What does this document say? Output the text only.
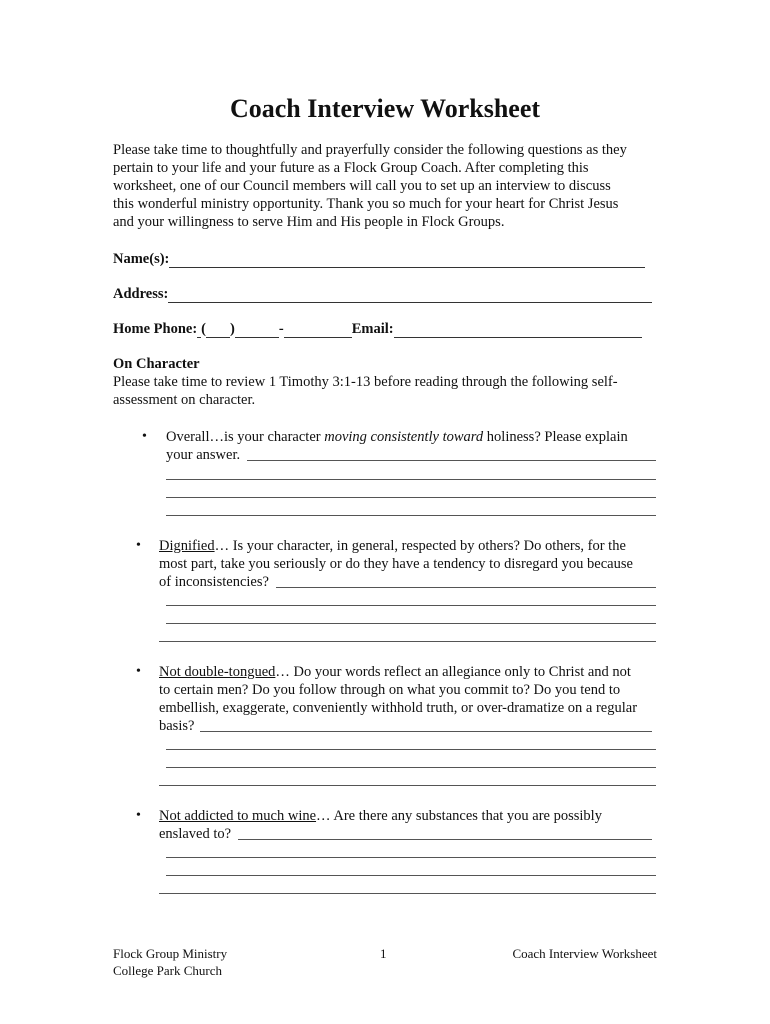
Coach Interview Worksheet
Please take time to thoughtfully and prayerfully consider the following questions as they
pertain to your life and your future as a Flock Group Coach. After completing this
worksheet, one of our Council members will call you to set up an interview to discuss
this wonderful ministry opportunity. Thank you so much for your heart for Christ Jesus
and your willingness to serve Him and His people in Flock Groups.
Name(s):
Address:
Home Phone: ( )	-	Email:
On Character
Please take time to review 1 Timothy 3:1-13 before reading through the following self-
assessment on character.
• Overall…is your character moving consistently toward holiness? Please explain
your answer.
• Dignified… Is your character, in general, respected by others? Do others, for the
most part, take you seriously or do they have a tendency to disregard you because
of inconsistencies?
• Not double-tongued… Do your words reflect an allegiance only to Christ and not
to certain men? Do you follow through on what you commit to? Do you tend to
embellish, exaggerate, conveniently withhold truth, or over-dramatize on a regular
basis?
• Not addicted to much wine… Are there any substances that you are possibly
enslaved to?
Flock Group Ministry
College Park Church
1	Coach Interview Worksheet
